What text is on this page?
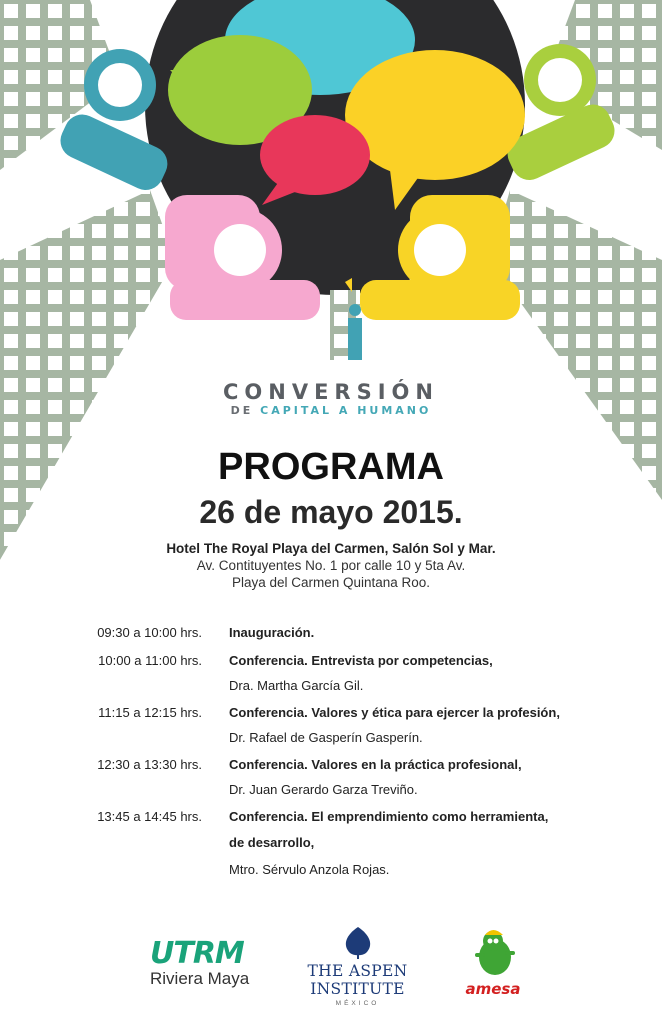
CONVERSIÓN
DE CAPITAL A HUMANO
PROGRAMA
26 de mayo 2015.
Hotel The Royal Playa del Carmen, Salón Sol y Mar.
Av. Contituyentes No. 1 por calle 10 y 5ta Av.
Playa del Carmen Quintana Roo.
09:30 a 10:00 hrs. Inauguración.
10:00 a 11:00 hrs. Conferencia. Entrevista por competencias,
Dra. Martha García Gil.
11:15 a 12:15 hrs. Conferencia. Valores y ética para ejercer la profesión,
Dr. Rafael de Gasperín Gasperín.
12:30 a 13:30 hrs. Conferencia. Valores en la práctica profesional,
Dr. Juan Gerardo Garza Treviño.
13:45 a 14:45 hrs. Conferencia. El emprendimiento como herramienta,
de desarrollo,
Mtro. Sérvulo Anzola Rojas.
UTRM
Riviera Maya	THE ASPEN INSTITUTE
MÉXICO
amesa
